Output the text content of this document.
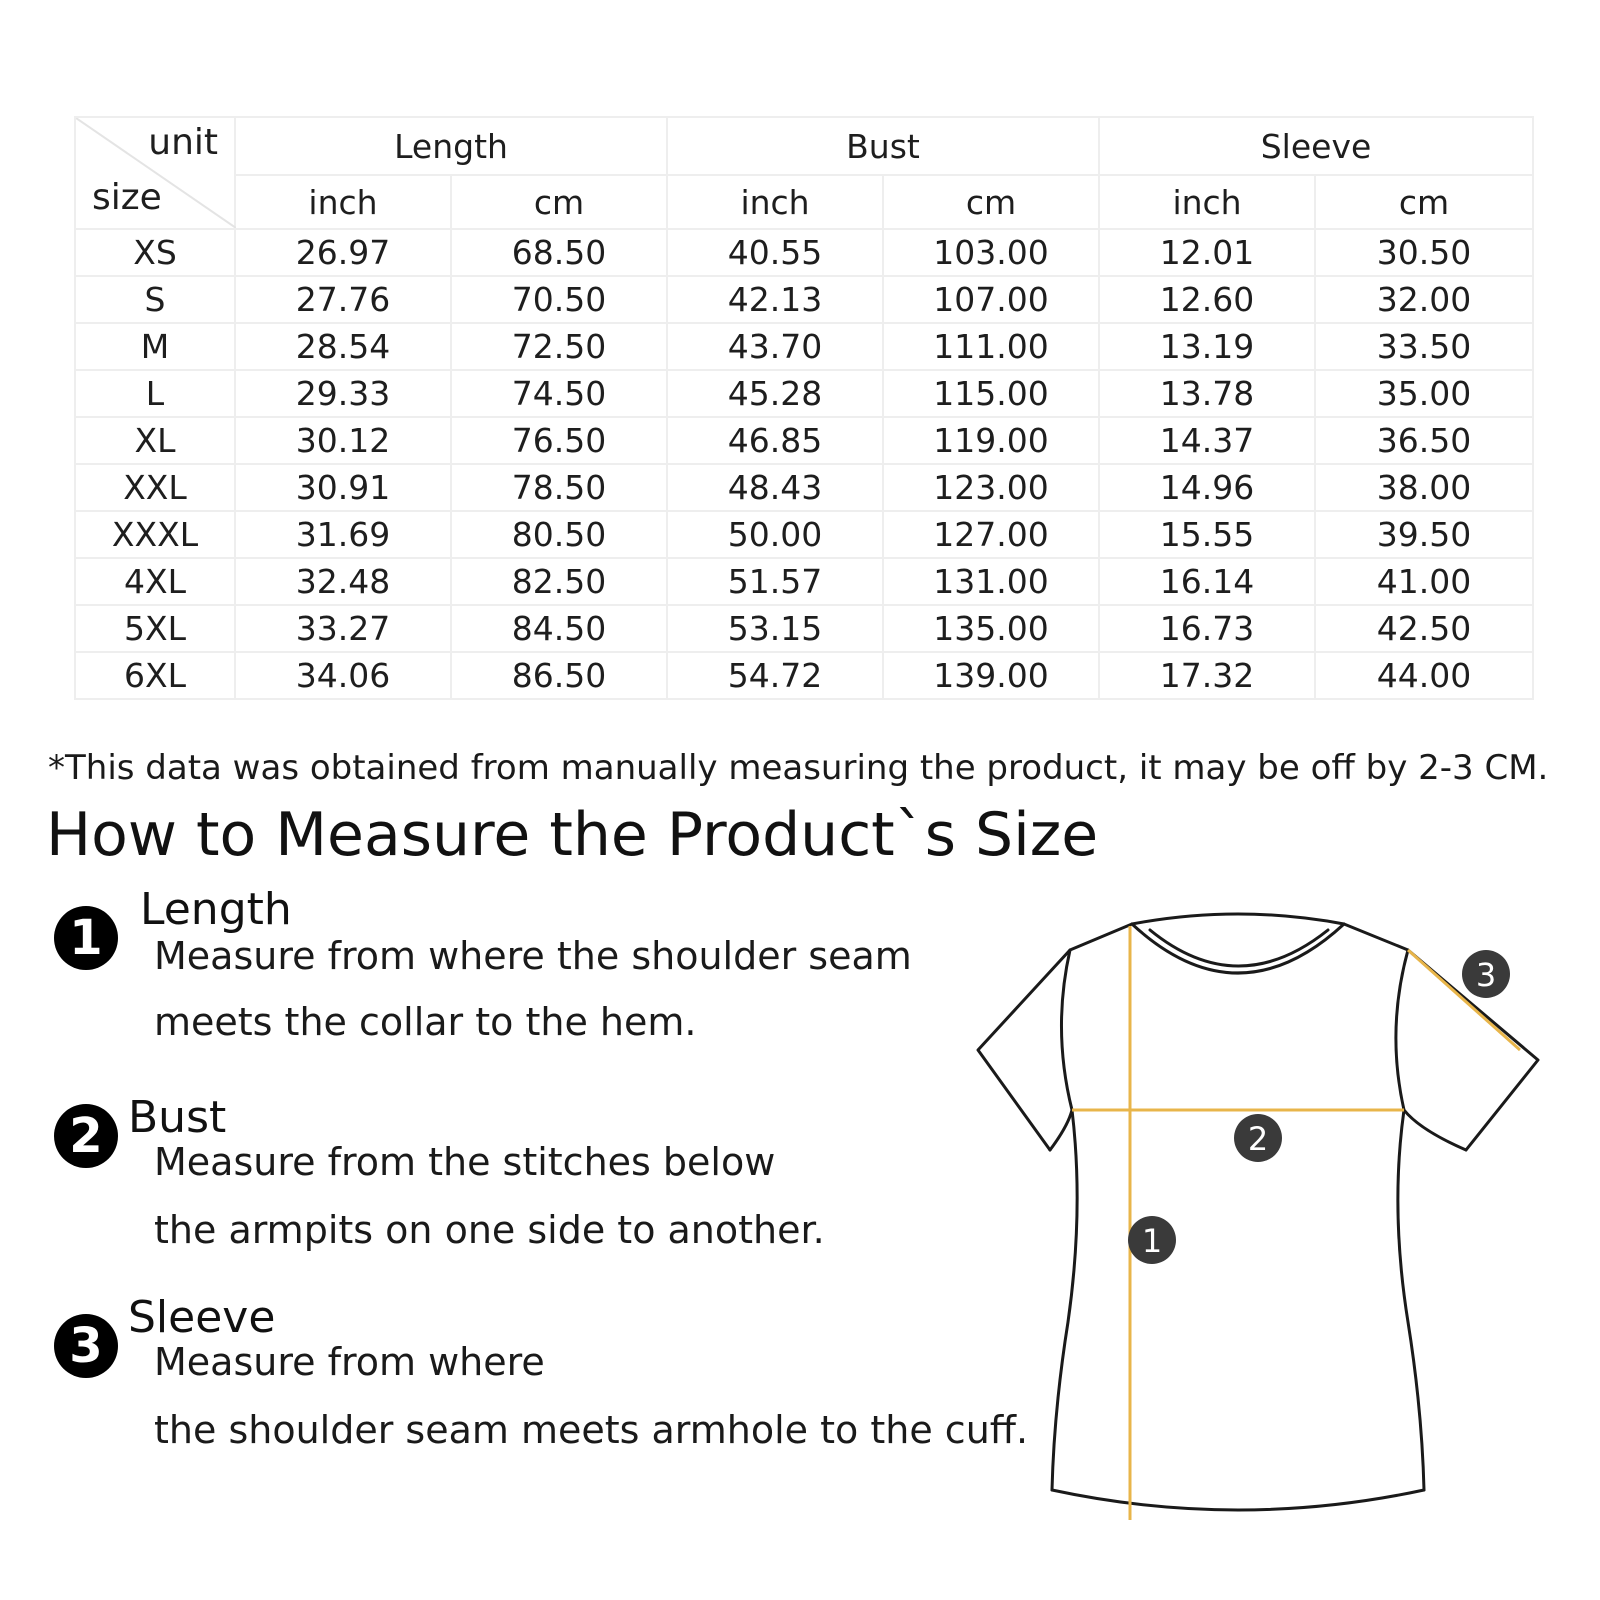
unit
size	Length		Bust		Sleeve	
	inch	cm	inch	cm	inch	cm
XS	26.97	68.50	40.55	103.00	12.01	30.50
S	27.76	70.50	42.13	107.00	12.60	32.00
M	28.54	72.50	43.70	111.00	13.19	33.50
L	29.33	74.50	45.28	115.00	13.78	35.00
XL	30.12	76.50	46.85	119.00	14.37	36.50
XXL	30.91	78.50	48.43	123.00	14.96	38.00
XXXL	31.69	80.50	50.00	127.00	15.55	39.50
4XL	32.48	82.50	51.57	131.00	16.14	41.00
5XL	33.27	84.50	53.15	135.00	16.73	42.50
6XL	34.06	86.50	54.72	139.00	17.32	44.00
*This data was obtained from manually measuring the product, it may be off by 2-3 CM.
How to Measure the Product`s Size
1
Length
Measure from where the shoulder seam
meets the collar to the hem.
2 Bust
Measure from the stitches below
the armpits on one side to another.
3
Sleeve
Measure from where
the shoulder seam meets armhole to the cuff.
1
2
3
